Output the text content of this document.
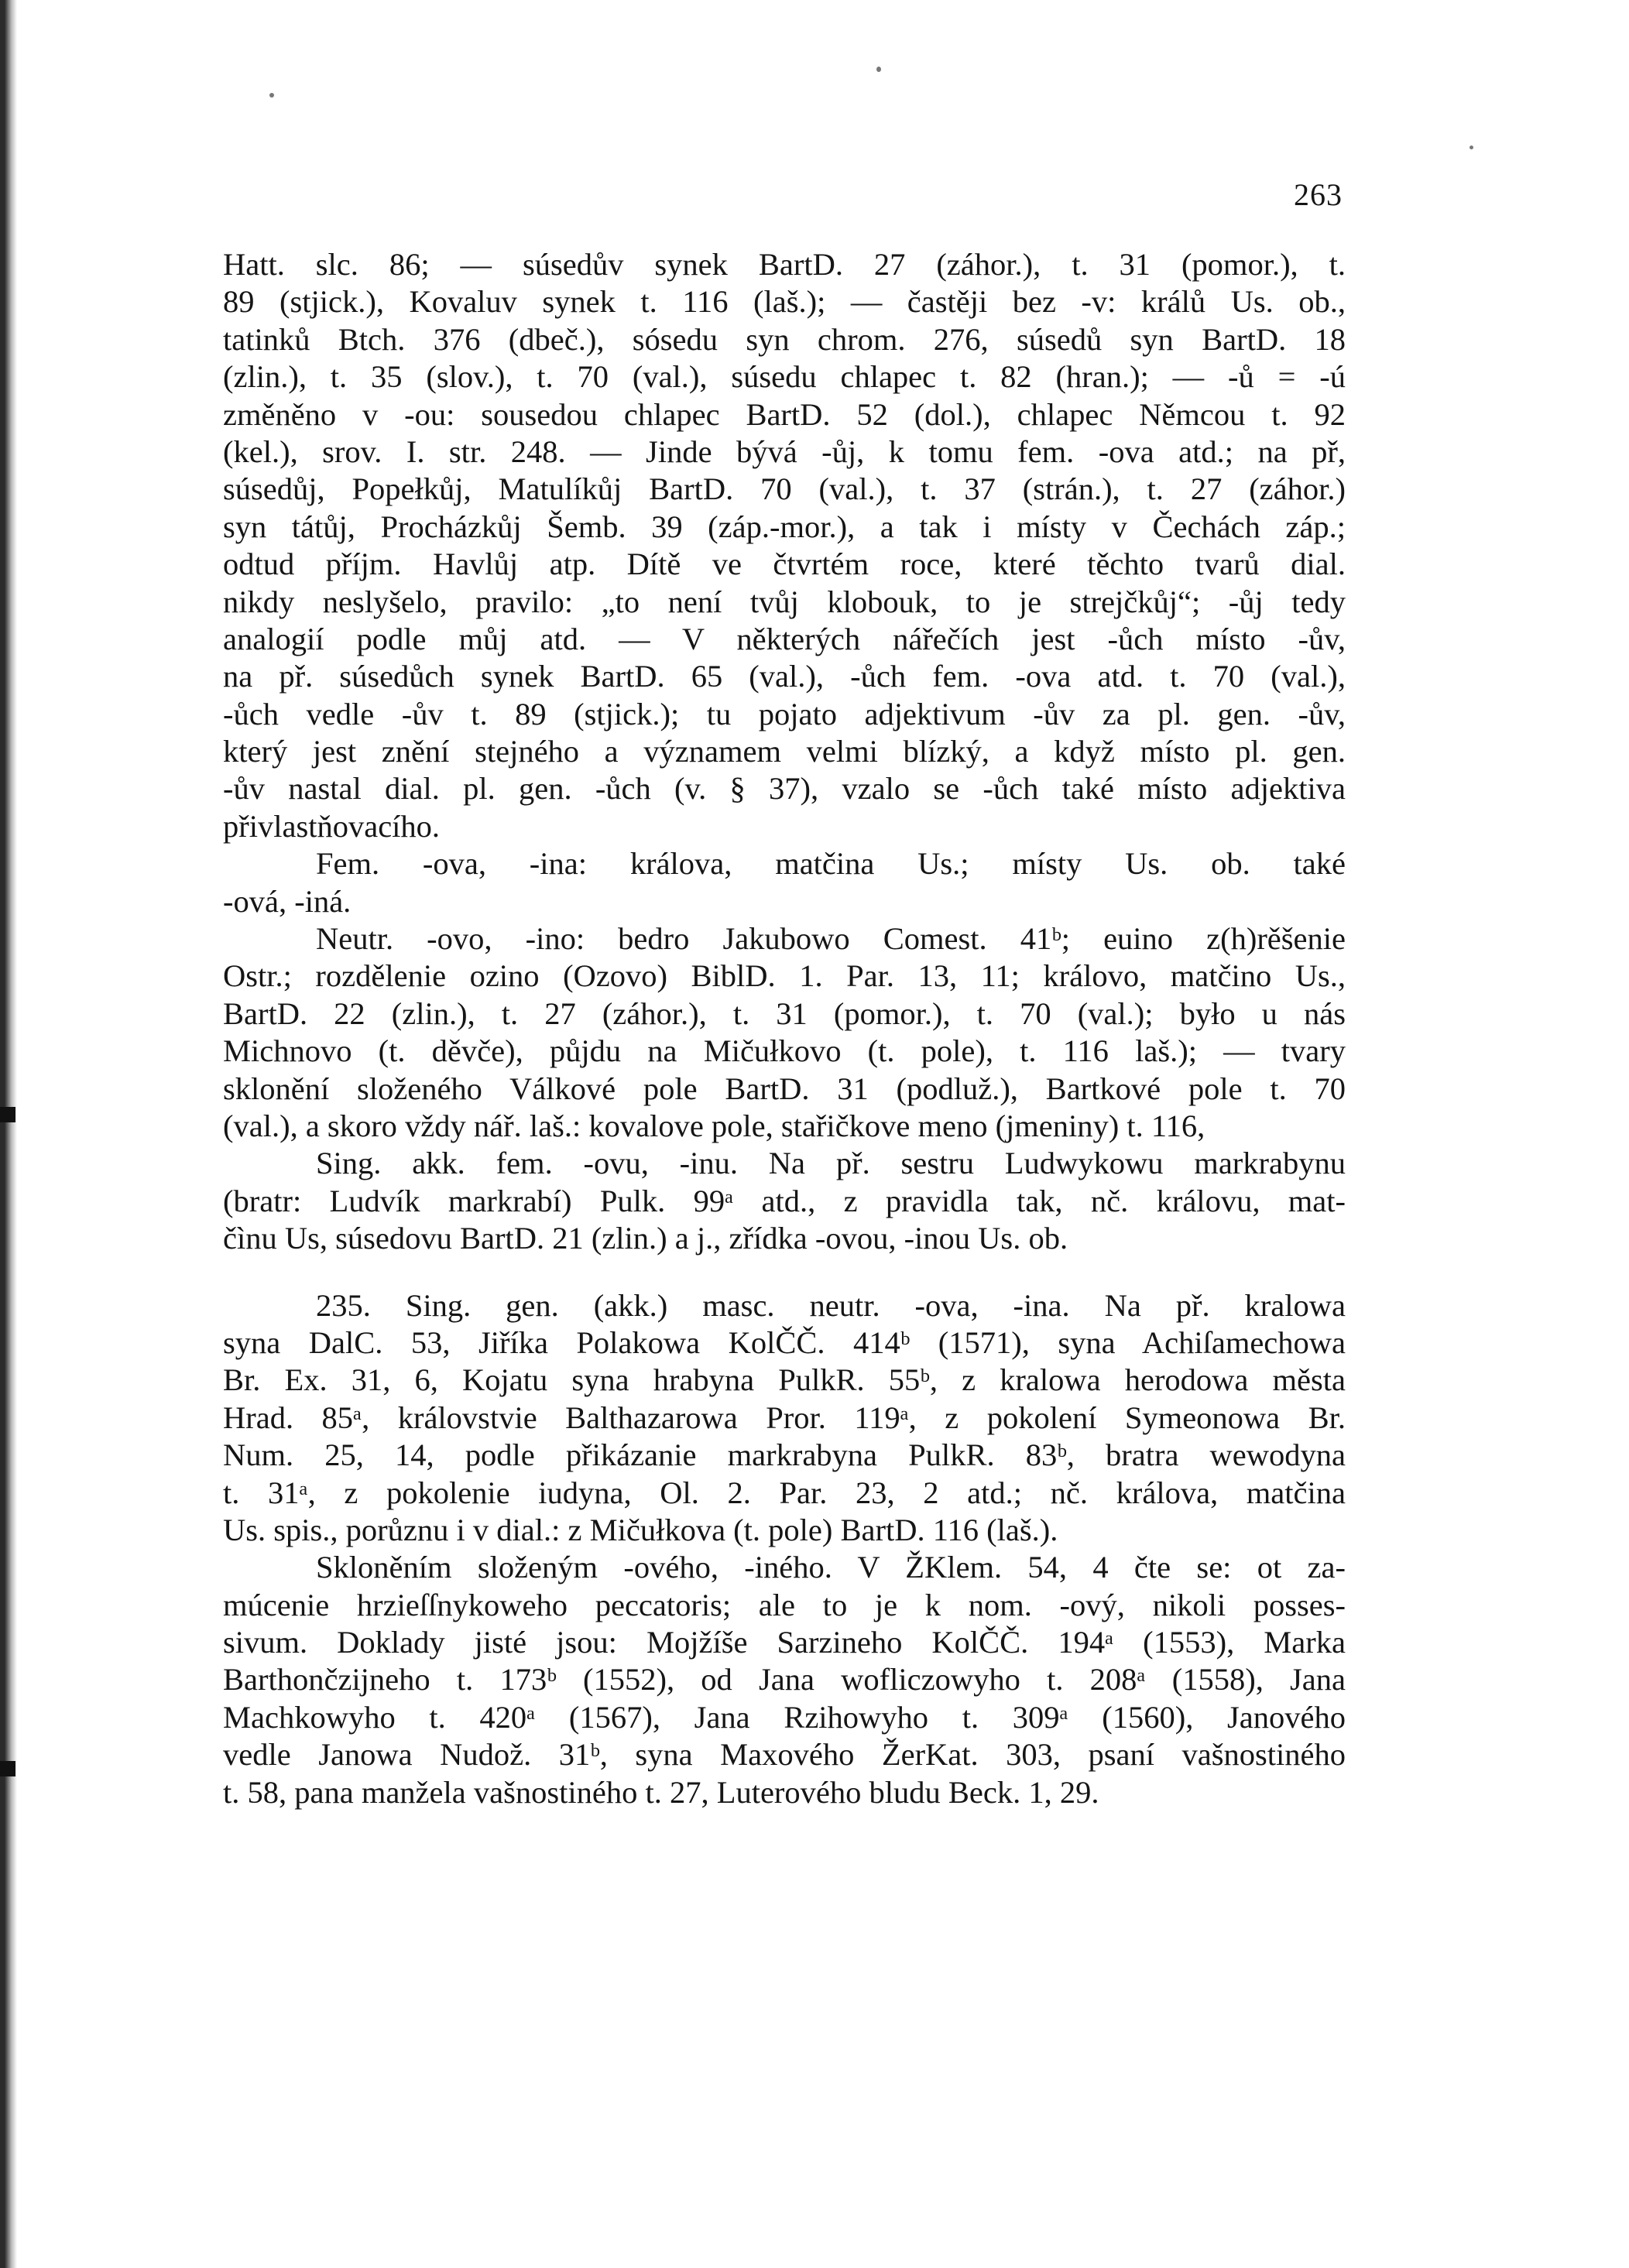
263
Hatt. slc. 86; — súsedův synek BartD. 27 (záhor.), t. 31 (pomor.), t.
89 (stjick.), Kovaluv synek t. 116 (laš.); — častěji bez -v: králů Us. ob.,
tatinků Btch. 376 (dbeč.), sósedu syn chrom. 276, súsedů syn BartD. 18
(zlin.), t. 35 (slov.), t. 70 (val.), súsedu chlapec t. 82 (hran.); — -ů = -ú
změněno v -ou: sousedou chlapec BartD. 52 (dol.), chlapec Němcou t. 92
(kel.), srov. I. str. 248. — Jinde bývá -ůj, k tomu fem. -ova atd.; na př,
súsedůj, Popełkůj, Matulíkůj BartD. 70 (val.), t. 37 (strán.), t. 27 (záhor.)
syn tátůj, Procházkůj Šemb. 39 (záp.-mor.), a tak i místy v Čechách záp.;
odtud příjm. Havlůj atp. Dítě ve čtvrtém roce, které těchto tvarů dial.
nikdy neslyšelo, pravilo: „to není tvůj klobouk, to je strejčkůj“; -ůj tedy
analogií podle můj atd. — V některých nářečích jest -ůch místo -ův,
na př. súsedůch synek BartD. 65 (val.), -ůch fem. -ova atd. t. 70 (val.),
-ůch vedle -ův t. 89 (stjick.); tu pojato adjektivum -ův za pl. gen. -ův,
který jest znění stejného a významem velmi blízký, a když místo pl. gen.
-ův nastal dial. pl. gen. -ůch (v. § 37), vzalo se -ůch také místo adjektiva
přivlastňovacího.
Fem. -ova, -ina: králova, matčina Us.; místy Us. ob. také
-ová, -iná.
Neutr. -ovo, -ino: bedro Jakubowo Comest. 41ᵇ; euino z(h)rěšenie
Ostr.; rozdělenie ozino (Ozovo) BiblD. 1. Par. 13, 11; královo, matčino Us.,
BartD. 22 (zlin.), t. 27 (záhor.), t. 31 (pomor.), t. 70 (val.); było u nás
Michnovo (t. děvče), půjdu na Mičułkovo (t. pole), t. 116 laš.); — tvary
sklonění složeného Válkové pole BartD. 31 (podluž.), Bartkové pole t. 70
(val.), a skoro vždy nář. laš.: kovalove pole, stařičkove meno (jmeniny) t. 116,
Sing. akk. fem. -ovu, -inu. Na př. sestru Ludwykowu markrabynu
(bratr: Ludvík markrabí) Pulk. 99ᵃ atd., z pravidla tak, nč. královu, mat-
čìnu Us, súsedovu BartD. 21 (zlin.) a j., zřídka -ovou, -inou Us. ob.
235. Sing. gen. (akk.) masc. neutr. -ova, -ina. Na př. kralowa
syna DalC. 53, Jiříka Polakowa KolČČ. 414ᵇ (1571), syna Achiſamechowa
Br. Ex. 31, 6, Kojatu syna hrabyna PulkR. 55ᵇ, z kralowa herodowa města
Hrad. 85ᵃ, královstvie Balthazarowa Pror. 119ᵃ, z pokolení Symeonowa Br.
Num. 25, 14, podle přikázanie markrabyna PulkR. 83ᵇ, bratra wewodyna
t. 31ᵃ, z pokolenie iudyna, Ol. 2. Par. 23, 2 atd.; nč. králova, matčina
Us. spis., porůznu i v dial.: z Mičułkova (t. pole) BartD. 116 (laš.).
Skloněním složeným -ového, -iného. V ŽKlem. 54, 4 čte se: ot za-
múcenie hrzieſſnykoweho peccatoris; ale to je k nom. -ový, nikoli posses-
sivum. Doklady jisté jsou: Mojžíše Sarzineho KolČČ. 194ᵃ (1553), Marka
Barthončzijneho t. 173ᵇ (1552), od Jana wofliczowyho t. 208ᵃ (1558), Jana
Machkowyho t. 420ᵃ (1567), Jana Rzihowyho t. 309ᵃ (1560), Janového
vedle Janowa Nudož. 31ᵇ, syna Maxového ŽerKat. 303, psaní vašnostiného
t. 58, pana manžela vašnostiného t. 27, Luterového bludu Beck. 1, 29.
